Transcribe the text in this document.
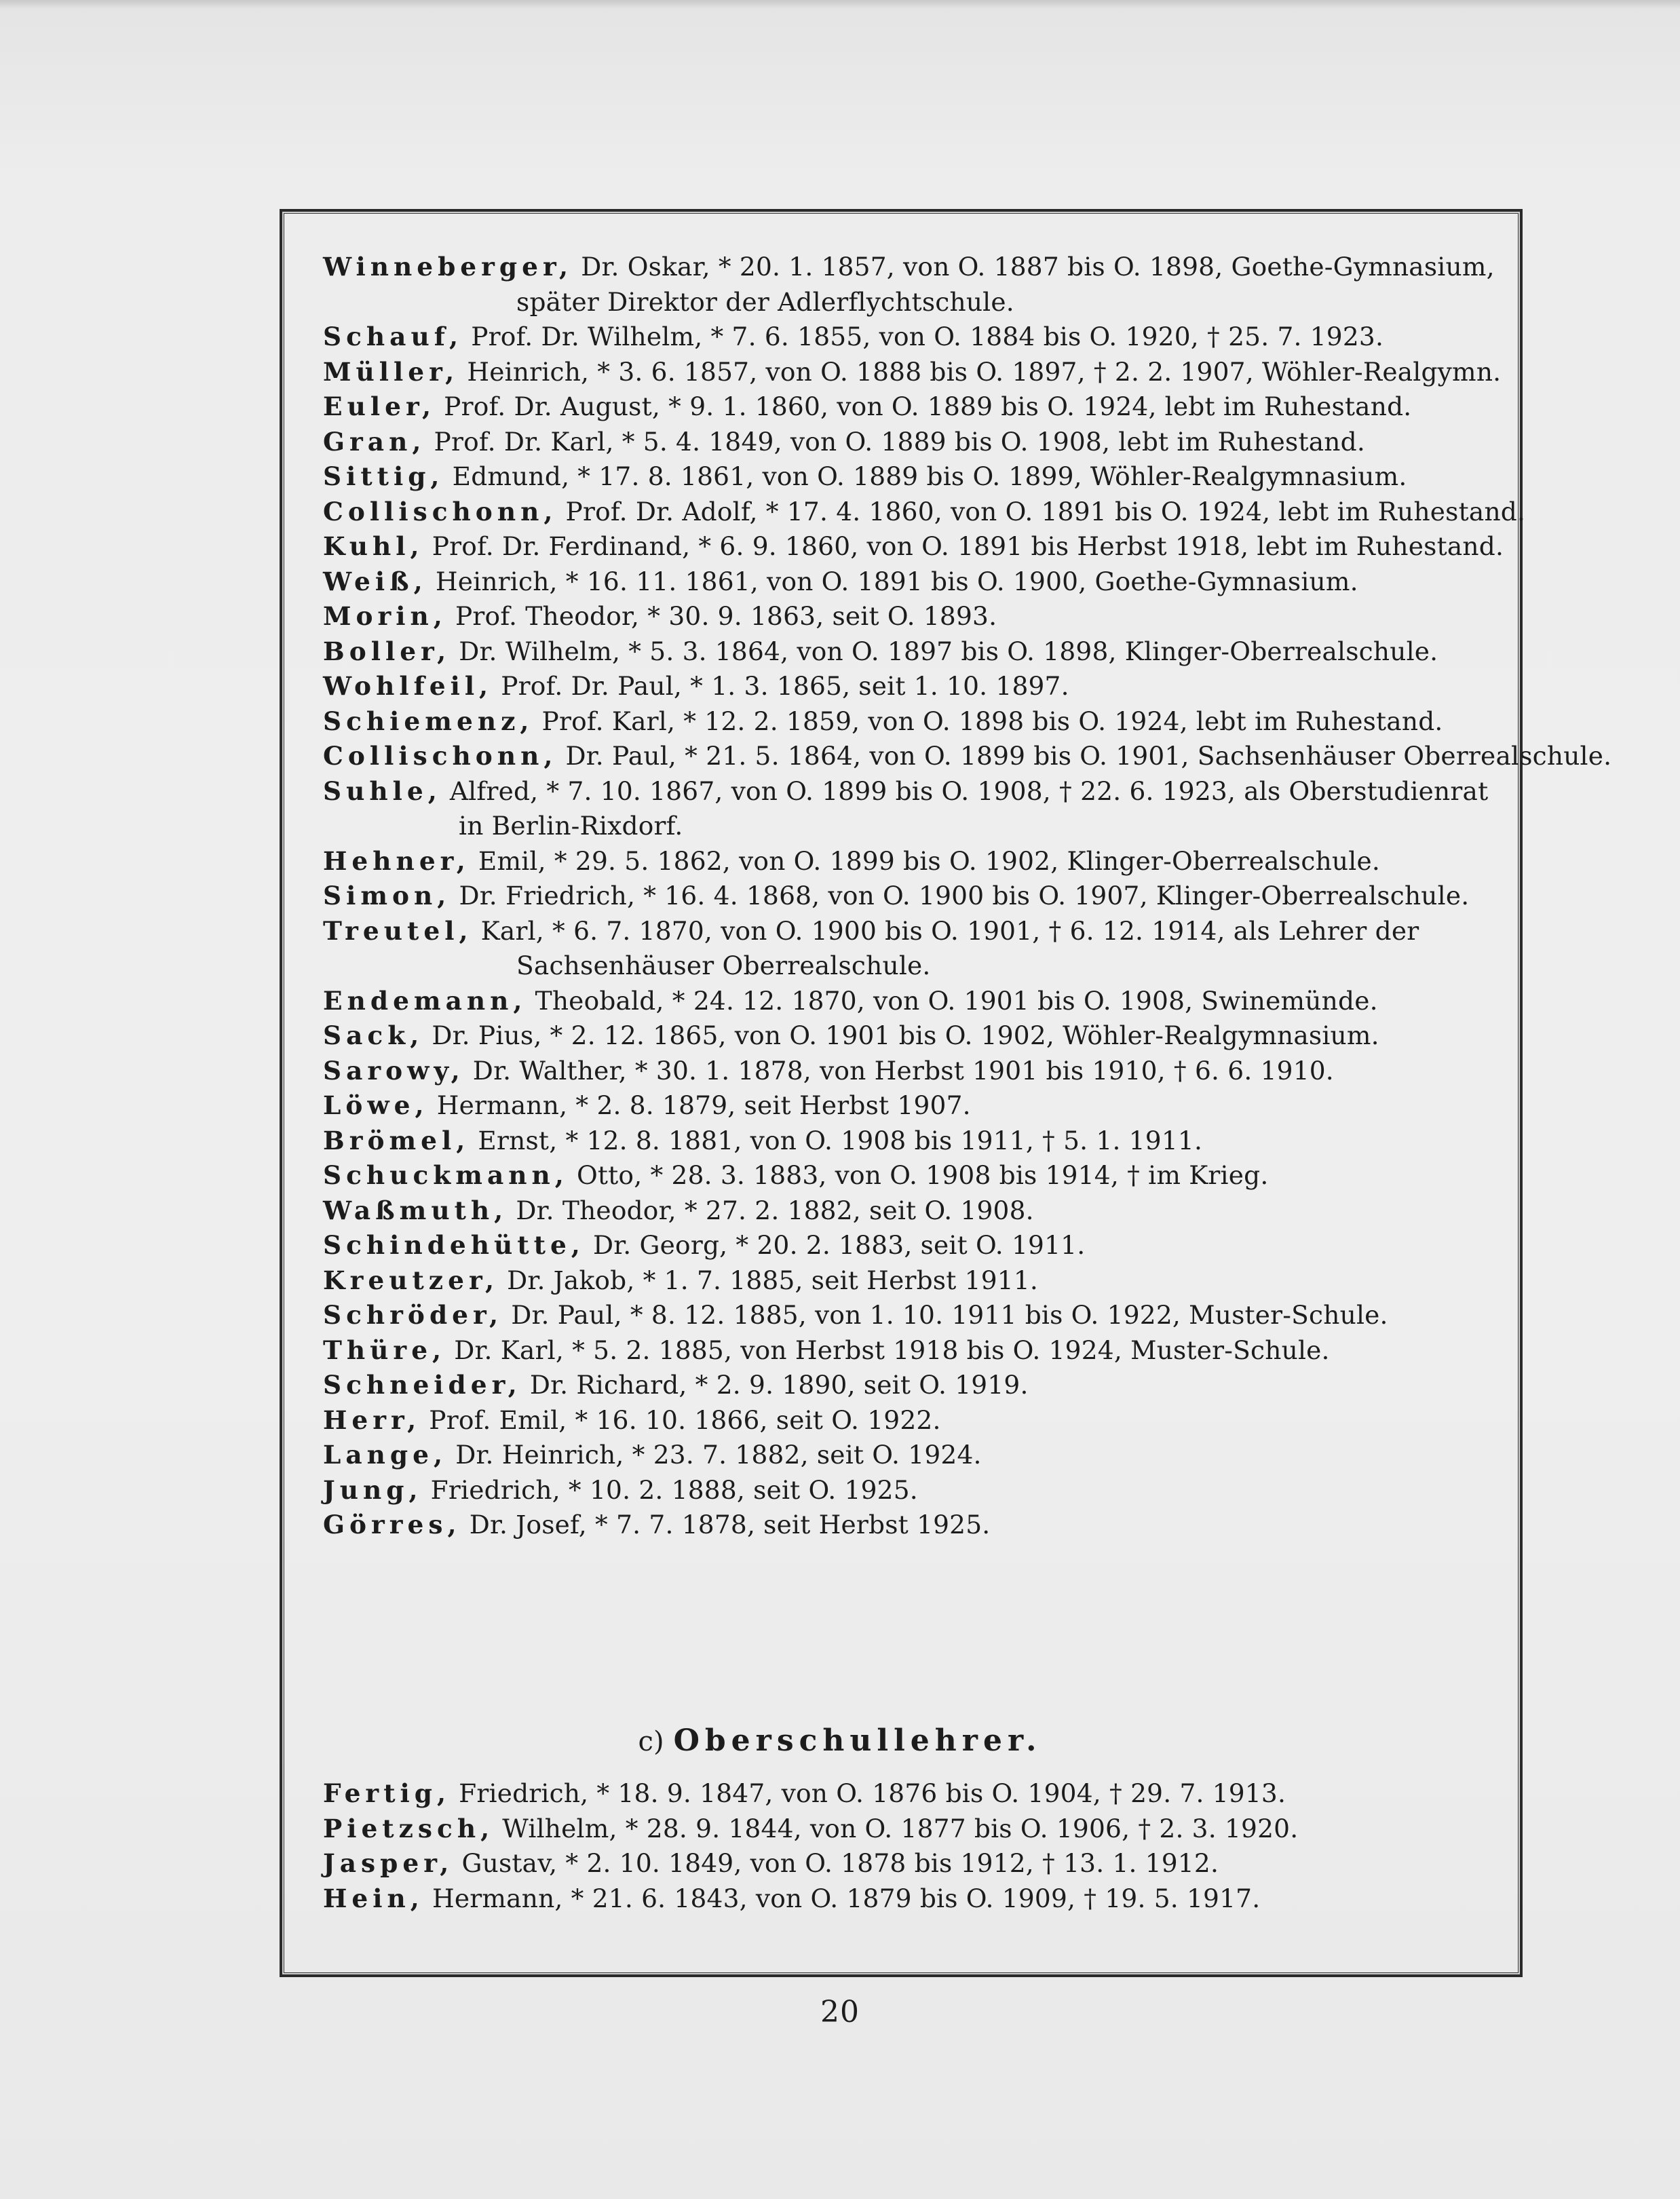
Winneberger, Dr. Oskar, * 20. 1. 1857, von O. 1887 bis O. 1898, Goethe-Gymnasium,
später Direktor der Adlerflychtschule.
Schauf, Prof. Dr. Wilhelm, * 7. 6. 1855, von O. 1884 bis O. 1920, † 25. 7. 1923.
Müller, Heinrich, * 3. 6. 1857, von O. 1888 bis O. 1897, † 2. 2. 1907, Wöhler-Realgymn.
Euler, Prof. Dr. August, * 9. 1. 1860, von O. 1889 bis O. 1924, lebt im Ruhestand.
Gran, Prof. Dr. Karl, * 5. 4. 1849, von O. 1889 bis O. 1908, lebt im Ruhestand.
Sittig, Edmund, * 17. 8. 1861, von O. 1889 bis O. 1899, Wöhler-Realgymnasium.
Collischonn, Prof. Dr. Adolf, * 17. 4. 1860, von O. 1891 bis O. 1924, lebt im Ruhestand.
Kuhl, Prof. Dr. Ferdinand, * 6. 9. 1860, von O. 1891 bis Herbst 1918, lebt im Ruhestand.
Weiß, Heinrich, * 16. 11. 1861, von O. 1891 bis O. 1900, Goethe-Gymnasium.
Morin, Prof. Theodor, * 30. 9. 1863, seit O. 1893.
Boller, Dr. Wilhelm, * 5. 3. 1864, von O. 1897 bis O. 1898, Klinger-Oberrealschule.
Wohlfeil, Prof. Dr. Paul, * 1. 3. 1865, seit 1. 10. 1897.
Schiemenz, Prof. Karl, * 12. 2. 1859, von O. 1898 bis O. 1924, lebt im Ruhestand.
Collischonn, Dr. Paul, * 21. 5. 1864, von O. 1899 bis O. 1901, Sachsenhäuser Oberrealschule.
Suhle, Alfred, * 7. 10. 1867, von O. 1899 bis O. 1908, † 22. 6. 1923, als Oberstudienrat
in Berlin-Rixdorf.
Hehner, Emil, * 29. 5. 1862, von O. 1899 bis O. 1902, Klinger-Oberrealschule.
Simon, Dr. Friedrich, * 16. 4. 1868, von O. 1900 bis O. 1907, Klinger-Oberrealschule.
Treutel, Karl, * 6. 7. 1870, von O. 1900 bis O. 1901, † 6. 12. 1914, als Lehrer der
Sachsenhäuser Oberrealschule.
Endemann, Theobald, * 24. 12. 1870, von O. 1901 bis O. 1908, Swinemünde.
Sack, Dr. Pius, * 2. 12. 1865, von O. 1901 bis O. 1902, Wöhler-Realgymnasium.
Sarowy, Dr. Walther, * 30. 1. 1878, von Herbst 1901 bis 1910, † 6. 6. 1910.
Löwe, Hermann, * 2. 8. 1879, seit Herbst 1907.
Brömel, Ernst, * 12. 8. 1881, von O. 1908 bis 1911, † 5. 1. 1911.
Schuckmann, Otto, * 28. 3. 1883, von O. 1908 bis 1914, † im Krieg.
Waßmuth, Dr. Theodor, * 27. 2. 1882, seit O. 1908.
Schindehütte, Dr. Georg, * 20. 2. 1883, seit O. 1911.
Kreutzer, Dr. Jakob, * 1. 7. 1885, seit Herbst 1911.
Schröder, Dr. Paul, * 8. 12. 1885, von 1. 10. 1911 bis O. 1922, Muster-Schule.
Thüre, Dr. Karl, * 5. 2. 1885, von Herbst 1918 bis O. 1924, Muster-Schule.
Schneider, Dr. Richard, * 2. 9. 1890, seit O. 1919.
Herr, Prof. Emil, * 16. 10. 1866, seit O. 1922.
Lange, Dr. Heinrich, * 23. 7. 1882, seit O. 1924.
Jung, Friedrich, * 10. 2. 1888, seit O. 1925.
Görres, Dr. Josef, * 7. 7. 1878, seit Herbst 1925.
c) Oberschullehrer.
Fertig, Friedrich, * 18. 9. 1847, von O. 1876 bis O. 1904, † 29. 7. 1913.
Pietzsch, Wilhelm, * 28. 9. 1844, von O. 1877 bis O. 1906, † 2. 3. 1920.
Jasper, Gustav, * 2. 10. 1849, von O. 1878 bis 1912, † 13. 1. 1912.
Hein, Hermann, * 21. 6. 1843, von O. 1879 bis O. 1909, † 19. 5. 1917.
20
